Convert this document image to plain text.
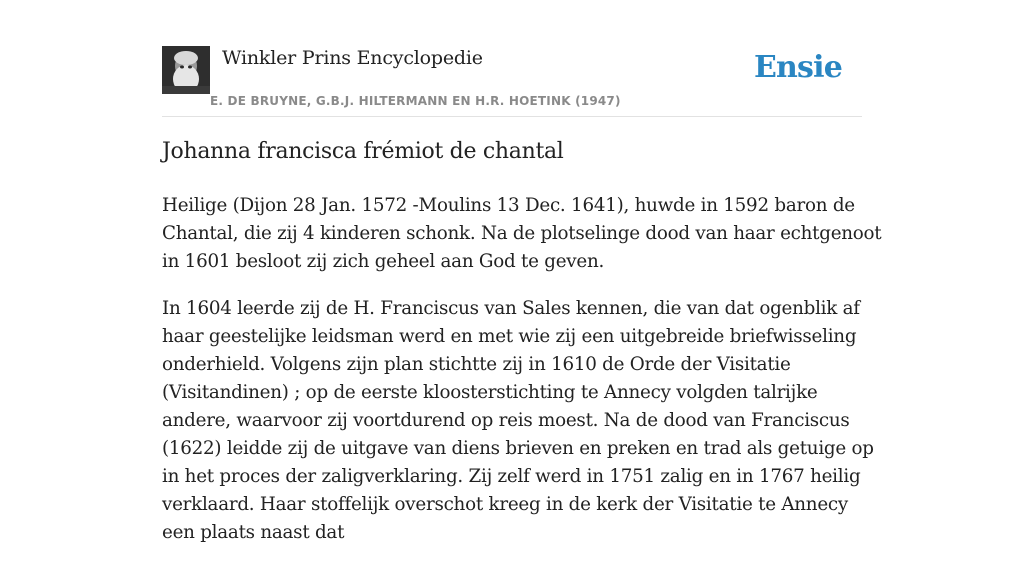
Winkler Prins Encyclopedie
E. DE BRUYNE, G.B.J. HILTERMANN EN H.R. HOETINK (1947)
Ensie
Johanna francisca frémiot de chantal

Heilige (Dijon 28 Jan. 1572 -Moulins 13 Dec. 1641), huwde in 1592 baron de Chantal, die zij 4 kinderen schonk. Na de plotselinge dood van haar echtgenoot in 1601 besloot zij zich geheel aan God te geven.

In 1604 leerde zij de H. Franciscus van Sales kennen, die van dat ogenblik af haar geestelijke leidsman werd en met wie zij een uitgebreide briefwisseling onderhield. Volgens zijn plan stichtte zij in 1610 de Orde der Visitatie (Visitandinen) ; op de eerste kloosterstichting te Annecy volgden talrijke andere, waarvoor zij voortdurend op reis moest. Na de dood van Franciscus (1622) leidde zij de uitgave van diens brieven en preken en trad als getuige op in het proces der zaligverklaring. Zij zelf werd in 1751 zalig en in 1767 heilig verklaard. Haar stoffelijk overschot kreeg in de kerk der Visitatie te Annecy een plaats naast dat
